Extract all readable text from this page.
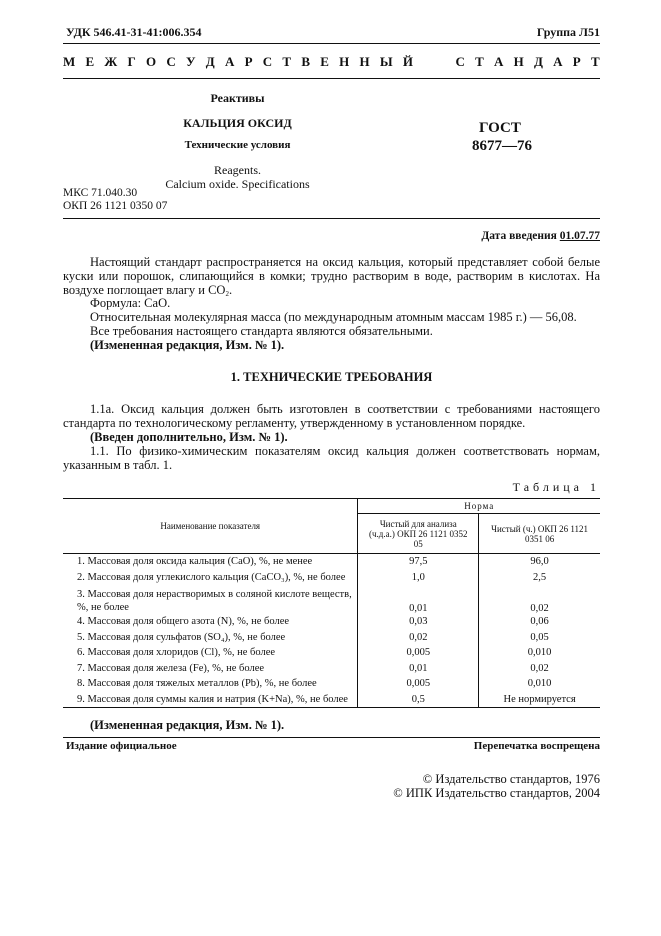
УДК 546.41-31-41:006.354	Группа Л51
М Е Ж Г О С У Д А Р С Т В Е Н Н Ы Й	С Т А Н Д А Р Т
Реактивы
КАЛЬЦИЯ ОКСИД
Технические условия
Reagents.
Calcium oxide. Specifications
ГОСТ
8677—76
МКС 71.040.30
ОКП 26 1121 0350 07
Дата введения 01.07.77
Настоящий стандарт распространяется на оксид кальция, который представляет собой белые куски или порошок, слипающийся в комки; трудно растворим в воде, растворим в кислотах. На воздухе поглощает влагу и $CO_2$.
Формула: CaO.
Относительная молекулярная масса (по международным атомным массам 1985 г.) — 56,08.
Все требования настоящего стандарта являются обязательными.
(Измененная редакция, Изм. № 1).
1. ТЕХНИЧЕСКИЕ ТРЕБОВАНИЯ
1.1а. Оксид кальция должен быть изготовлен в соответствии с требованиями настоящего стандарта по технологическому регламенту, утвержденному в установленном порядке.
(Введен дополнительно, Изм. № 1).
1.1. По физико-химическим показателям оксид кальция должен соответствовать нормам, указанным в табл. 1.
Таблица 1
Наименование показателя	Норма	
	Чистый для анализа (ч.д.а.) ОКП 26 1121 0352 05	Чистый (ч.) ОКП 26 1121 0351 06
1. Массовая доля оксида кальция (CaO), %, не менее	97,5	96,0
2. Массовая доля углекислого кальция (CaCO₃), %, не более	1,0	2,5
3. Массовая доля нерастворимых в соляной кислоте веществ, %, не более	0,01	0,02
4. Массовая доля общего азота (N), %, не более	0,03	0,06
5. Массовая доля сульфатов (SO₄), %, не более	0,02	0,05
6. Массовая доля хлоридов (Cl), %, не более	0,005	0,010
7. Массовая доля железа (Fe), %, не более	0,01	0,02
8. Массовая доля тяжелых металлов (Pb), %, не более	0,005	0,010
9. Массовая доля суммы калия и натрия (K+Na), %, не более	0,5	Не нормируется
(Измененная редакция, Изм. № 1).
Издание официальное	Перепечатка воспрещена
© Издательство стандартов, 1976
© ИПК Издательство стандартов, 2004
